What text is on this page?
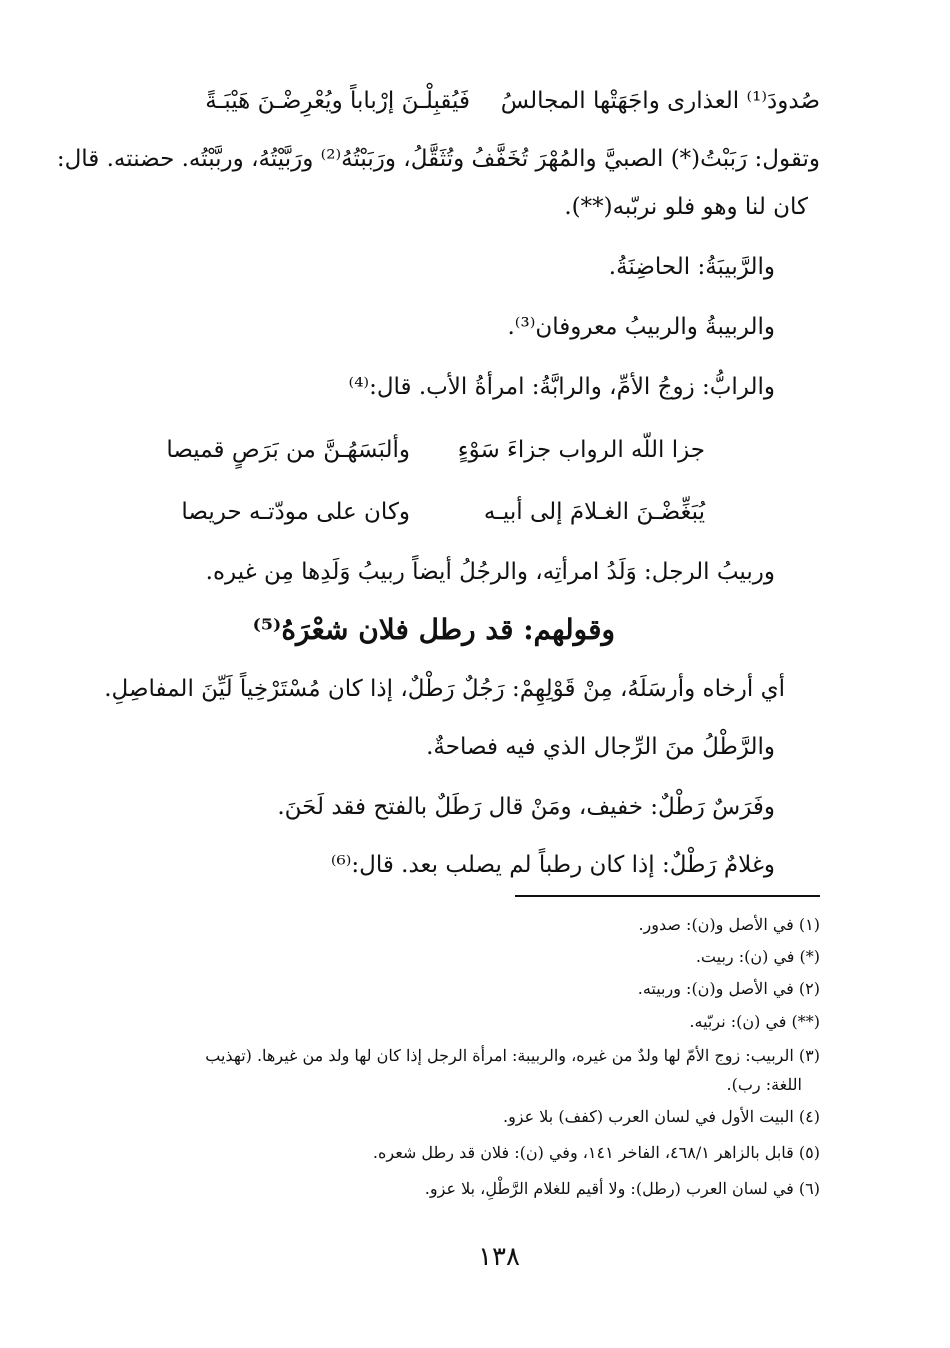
صُدودَ⁽¹⁾ العذارى واجَهَتْها المجالسُ
فَيُقبِلْـنَ إرْباباً ويُعْرِضْـنَ هَيْبَـةً
وتقول: رَبَبْتُ(*) الصبيَّ والمُهْرَ تُخَفَّفُ وتُثَقَّلُ، ورَبَبْتُهُ⁽²⁾ ورَبَّيْتُهُ، وربَّبْتُه. حضنته. قال:
كان لنا وهو فلو نربّبه(**).
والرَّبيبَةُ: الحاضِنَةُ.
والربيبةُ والربيبُ معروفان⁽³⁾.
والرابُّ: زوجُ الأمِّ، والرابَّةُ: امرأةُ الأب. قال:⁽⁴⁾
جزا اللّه الرواب جزاءَ سَوْءٍ
وألبَسَهُـنَّ من بَرَصٍ قميصا
يُبَغِّضْـنَ الغـلامَ إلى أبيـه
وكان على مودّتـه حريصا
وربيبُ الرجل: وَلَدُ امرأتِه، والرجُلُ أيضاً ربيبُ وَلَدِها مِن غيره.
وقولهم: قد رطل فلان شعْرَهُ⁽⁵⁾
أي أرخاه وأرسَلَهُ، مِنْ قَوْلِهِمْ: رَجُلٌ رَطْلٌ، إذا كان مُسْتَرْخِياً لَيِّنَ المفاصِلِ.
والرَّطْلُ منَ الرِّجال الذي فيه فصاحةٌ.
وفَرَسٌ رَطْلٌ: خفيف، ومَنْ قال رَطَلٌ بالفتح فقد لَحَنَ.
وغلامٌ رَطْلٌ: إذا كان رطباً لم يصلب بعد. قال:⁽⁶⁾
(١) في الأصل و(ن): صدور.
(*) في (ن): ربيت.
(٢) في الأصل و(ن): وربيته.
(**) في (ن): نربّيه.
(٣) الربيب: زوج الأمّ لها ولدٌ من غيره، والربيبة: امرأة الرجل إذا كان لها ولد من غيرها. (تهذيب
اللغة: رب).
(٤) البيت الأول في لسان العرب (كفف) بلا عزو.
(٥) قابل بالزاهر ٤٦٨/١، الفاخر ١٤١، وفي (ن): فلان قد رطل شعره.
(٦) في لسان العرب (رطل): ولا أقيم للغلام الرَّطْلِ، بلا عزو.
١٣٨
